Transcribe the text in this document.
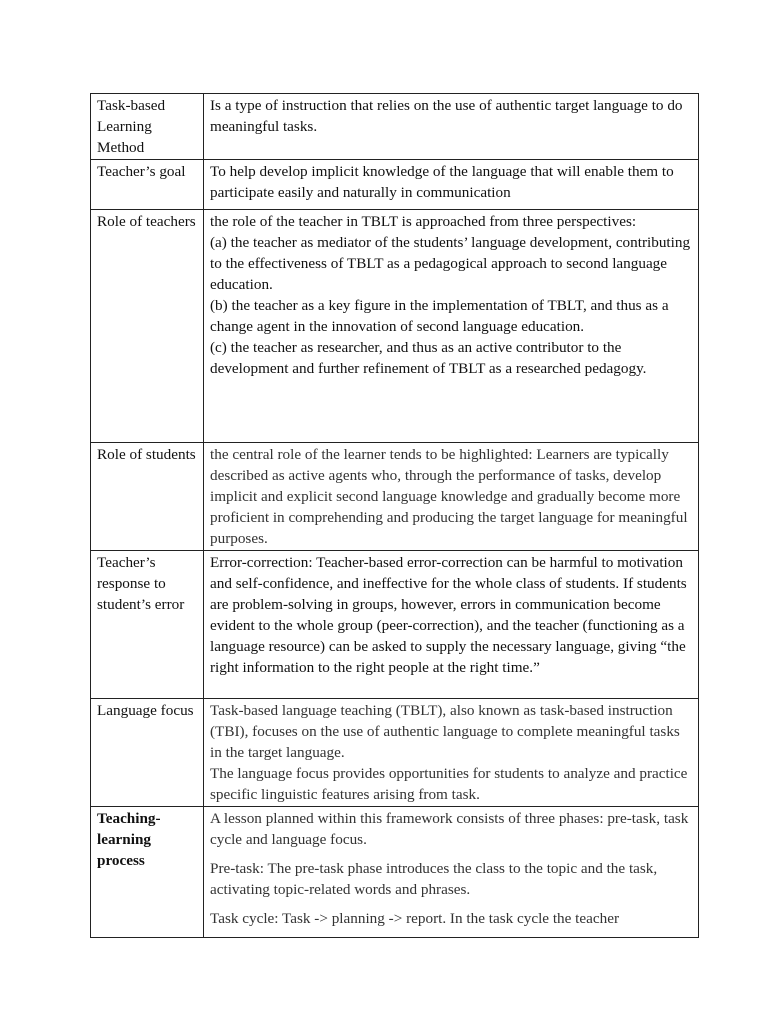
Task-based Learning Method	Is a type of instruction that relies on the use of authentic target language to do meaningful tasks.

Teacher’s goal	To help develop implicit knowledge of the language that will enable them to participate easily and naturally in communication

Role of teachers	the role of the teacher in TBLT is approached from three perspectives:

(a) the teacher as mediator of the students’ language development, contributing to the effectiveness of TBLT as a pedagogical approach to second language education.

(b) the teacher as a key figure in the implementation of TBLT, and thus as a change agent in the innovation of second language education.

(c) the teacher as researcher, and thus as an active contributor to the development and further refinement of TBLT as a researched pedagogy.

Role of students	the central role of the learner tends to be highlighted: Learners are typically described as active agents who, through the performance of tasks, develop implicit and explicit second language knowledge and gradually become more proficient in comprehending and producing the target language for meaningful purposes.

Teacher’s response to student’s error	Error-correction: Teacher-based error-correction can be harmful to motivation and self-confidence, and ineffective for the whole class of students. If students are problem-solving in groups, however, errors in communication become evident to the whole group (peer-correction), and the teacher (functioning as a language resource) can be asked to supply the necessary language, giving “the right information to the right people at the right time.”

Language focus	Task-based language teaching (TBLT), also known as task-based instruction (TBI), focuses on the use of authentic language to complete meaningful tasks in the target language.

The language focus provides opportunities for students to analyze and practice specific linguistic features arising from task.

Teaching-learning process	A lesson planned within this framework consists of three phases: pre-task, task cycle and language focus.

Pre-task: The pre-task phase introduces the class to the topic and the task, activating topic-related words and phrases.

Task cycle: Task -> planning -> report. In the task cycle the teacher
